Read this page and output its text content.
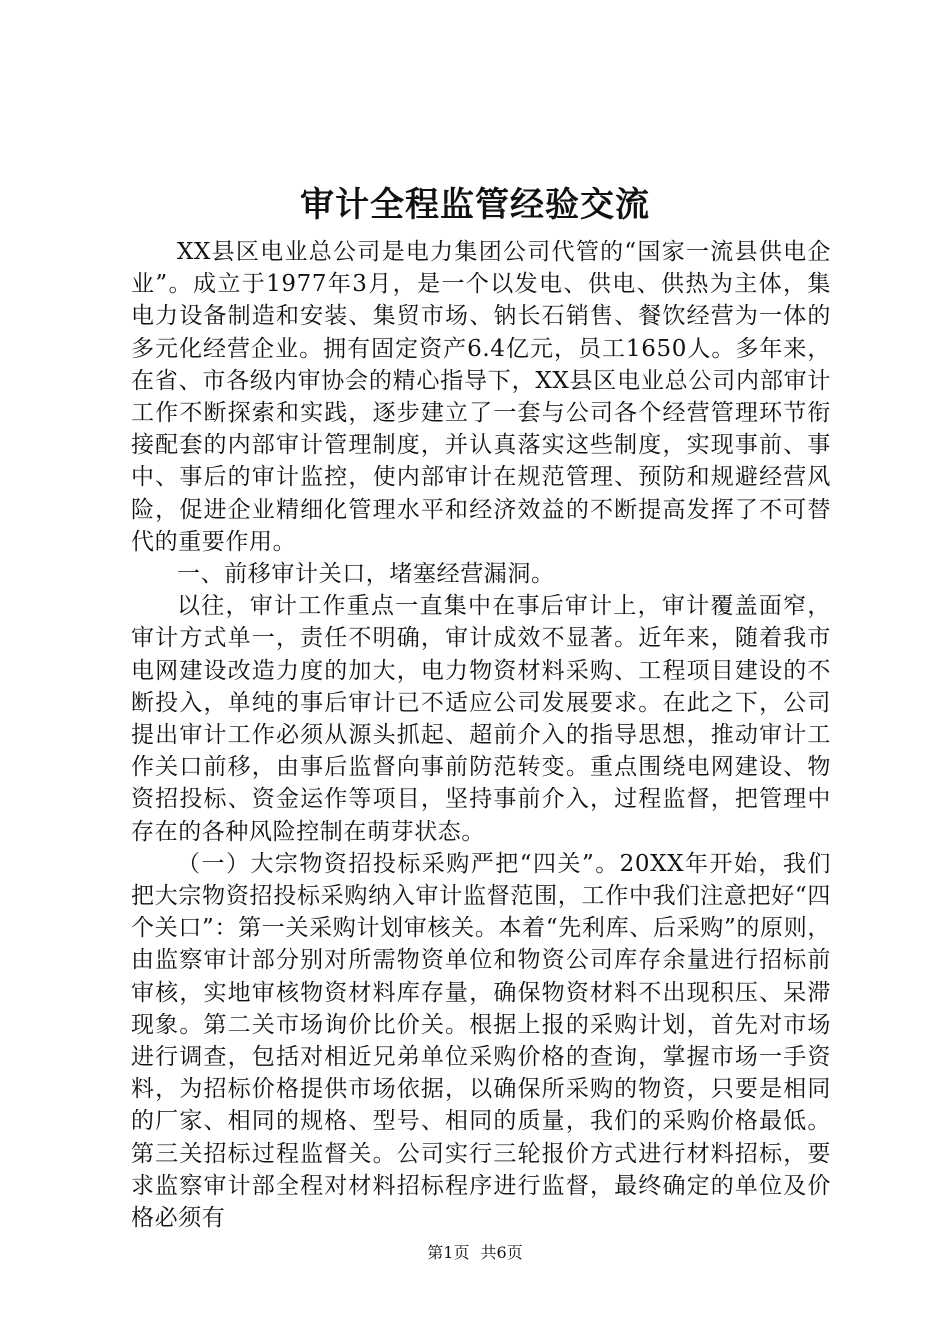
审计全程监管经验交流

XX县区电业总公司是电力集团公司代管的“国家一流县供电企业”。成立于1977年3月，是一个以发电、供电、供热为主体，集电力设备制造和安装、集贸市场、钠长石销售、餐饮经营为一体的多元化经营企业。拥有固定资产6.4亿元，员工1650人。多年来，在省、市各级内审协会的精心指导下，XX县区电业总公司内部审计工作不断探索和实践，逐步建立了一套与公司各个经营管理环节衔接配套的内部审计管理制度，并认真落实这些制度，实现事前、事中、事后的审计监控，使内部审计在规范管理、预防和规避经营风险，促进企业精细化管理水平和经济效益的不断提高发挥了不可替代的重要作用。

一、前移审计关口，堵塞经营漏洞。

以往，审计工作重点一直集中在事后审计上，审计覆盖面窄，审计方式单一，责任不明确，审计成效不显著。近年来，随着我市电网建设改造力度的加大，电力物资材料采购、工程项目建设的不断投入，单纯的事后审计已不适应公司发展要求。在此之下，公司提出审计工作必须从源头抓起、超前介入的指导思想，推动审计工作关口前移，由事后监督向事前防范转变。重点围绕电网建设、物资招投标、资金运作等项目，坚持事前介入，过程监督，把管理中存在的各种风险控制在萌芽状态。

（一）大宗物资招投标采购严把“四关”。20XX年开始，我们把大宗物资招投标采购纳入审计监督范围，工作中我们注意把好“四个关口”：第一关采购计划审核关。本着“先利库、后采购”的原则，由监察审计部分别对所需物资单位和物资公司库存余量进行招标前审核，实地审核物资材料库存量，确保物资材料不出现积压、呆滞现象。第二关市场询价比价关。根据上报的采购计划，首先对市场进行调查，包括对相近兄弟单位采购价格的查询，掌握市场一手资料，为招标价格提供市场依据，以确保所采购的物资，只要是相同的厂家、相同的规格、型号、相同的质量，我们的采购价格最低。第三关招标过程监督关。公司实行三轮报价方式进行材料招标，要求监察审计部全程对材料招标程序进行监督，最终确定的单位及价格必须有

第1页 共6页
